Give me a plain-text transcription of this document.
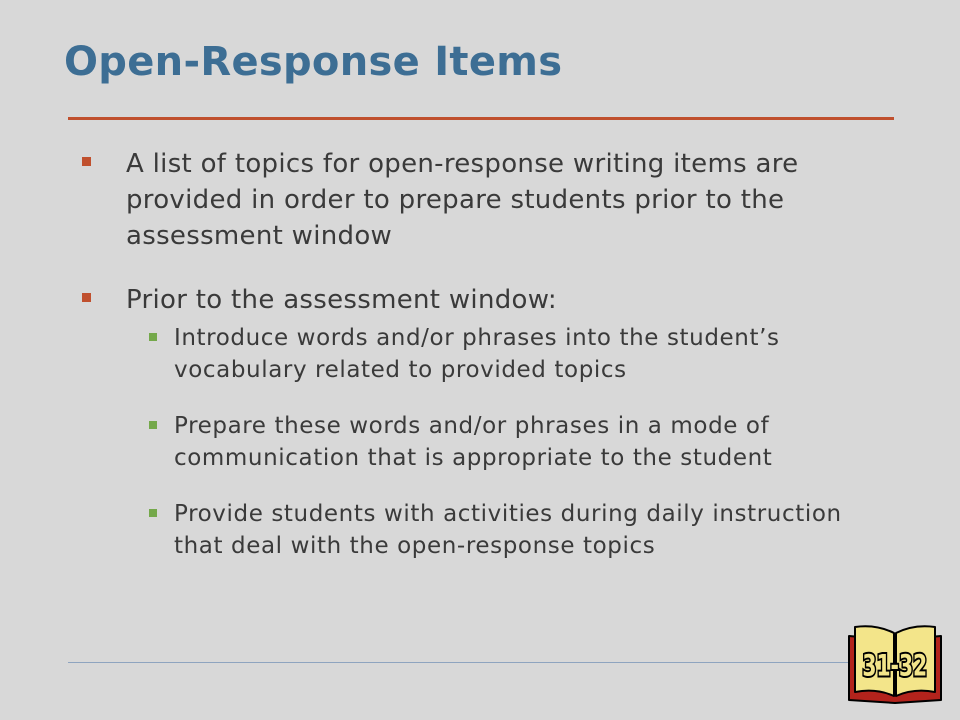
Open-Response Items
A list of topics for open-response writing items are provided in order to prepare students prior to the assessment window
Prior to the assessment window:
Introduce words and/or phrases into the student’s vocabulary related to provided topics
Prepare these words and/or phrases in a mode of communication that is appropriate to the student
Provide students with activities during daily instruction that deal with the open-response topics
31-32
